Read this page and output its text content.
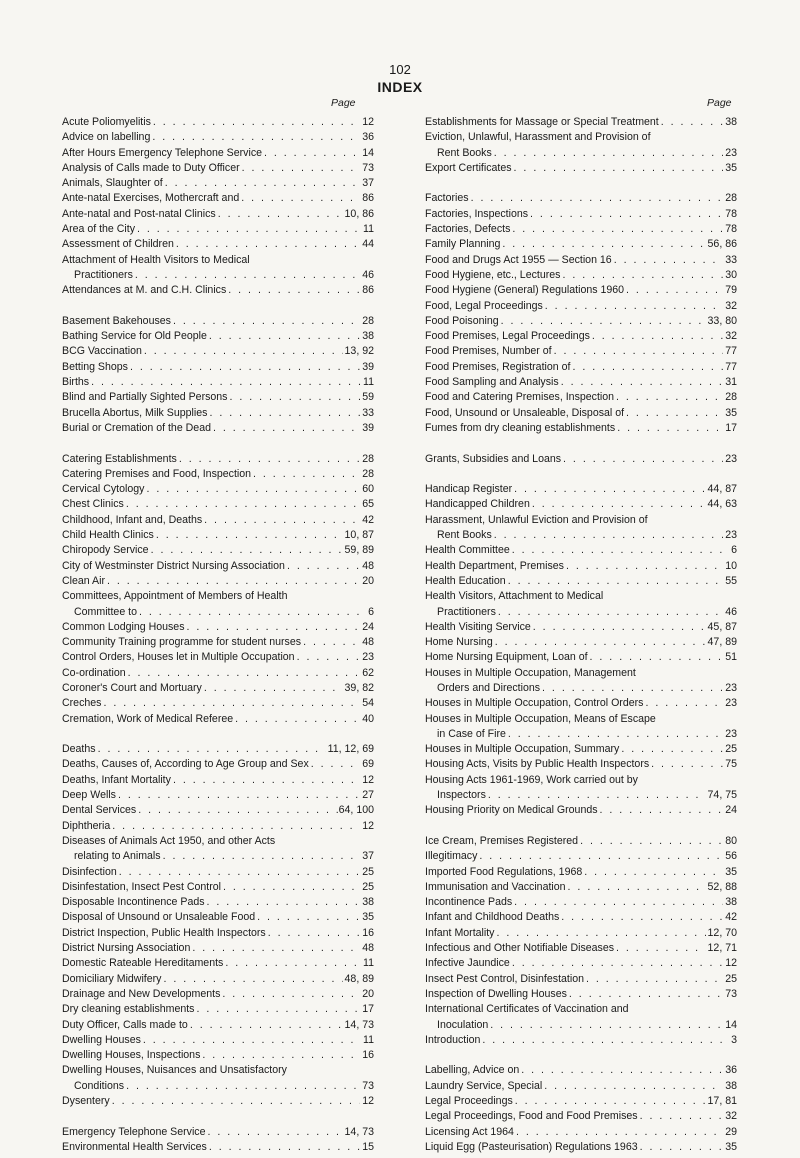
102
INDEX
Page	Page
Acute Poliomyelitis . . .	12
Advice on labelling . . .	36
After Hours Emergency Telephone Service . . .	14
Analysis of Calls made to Duty Officer . . .	73
Animals, Slaughter of . . .	37
Ante-natal Exercises, Mothercraft and . . .	86
Ante-natal and Post-natal Clinics . . .	10, 86
Area of the City . . .	11
Assessment of Children . . .	44
Attachment of Health Visitors to Medical
Practitioners . . .	46
Attendances at M. and C.H. Clinics . . .	86
Basement Bakehouses . . .	28
Bathing Service for Old People . . .	38
BCG Vaccination . . .	13, 92
Betting Shops . . .	39
Births . . .	11
Blind and Partially Sighted Persons . . .	59
Brucella Abortus, Milk Supplies . . .	33
Burial or Cremation of the Dead . . .	39
Catering Establishments . . .	28
Catering Premises and Food, Inspection . . .	28
Cervical Cytology . . .	60
Chest Clinics . . .	65
Childhood, Infant and, Deaths . . .	42
Child Health Clinics . . .	10, 87
Chiropody Service . . .	59, 89
City of Westminster District Nursing Association . . .	48
Clean Air . . .	20
Committees, Appointment of Members of Health
Committee to . . .	6
Common Lodging Houses . . .	24
Community Training programme for student nurses . . .	48
Control Orders, Houses let in Multiple Occupation . . .	23
Co-ordination . . .	62
Coroner's Court and Mortuary . . .	39, 82
Creches . . .	54
Cremation, Work of Medical Referee . . .	40
Deaths . . .	11, 12, 69
Deaths, Causes of, According to Age Group and Sex . . .	69
Deaths, Infant Mortality . . .	12
Deep Wells . . .	27
Dental Services . . .	.64, 100
Diphtheria . . .	12
Diseases of Animals Act 1950, and other Acts
relating to Animals . . .	37
Disinfection . . .	25
Disinfestation, Insect Pest Control . . .	25
Disposable Incontinence Pads . . .	38
Disposal of Unsound or Unsaleable Food . . .	35
District Inspection, Public Health Inspectors . . .	16
District Nursing Association . . .	48
Domestic Rateable Hereditaments . . .	11
Domiciliary Midwifery . . .	48, 89
Drainage and New Developments . . .	20
Dry cleaning establishments . . .	17
Duty Officer, Calls made to . . .	14, 73
Dwelling Houses . . .	11
Dwelling Houses, Inspections . . .	16
Dwelling Houses, Nuisances and Unsatisfactory
Conditions . . .	73
Dysentery . . .	12
Emergency Telephone Service . . .	14, 73
Environmental Health Services . . .	15
Establishments for Massage or Special Treatment . . .	38
Eviction, Unlawful, Harassment and Provision of
Rent Books . . .	23
Export Certificates . . .	35
Factories . . .	28
Factories, Inspections . . .	78
Factories, Defects . . .	78
Family Planning . . .	56, 86
Food and Drugs Act 1955 — Section 16 . . .	33
Food Hygiene, etc., Lectures . . .	30
Food Hygiene (General) Regulations 1960 . . .	79
Food, Legal Proceedings . . .	32
Food Poisoning . . .	33, 80
Food Premises, Legal Proceedings . . .	32
Food Premises, Number of . . .	77
Food Premises, Registration of . . .	77
Food Sampling and Analysis . . .	31
Food and Catering Premises, Inspection . . .	28
Food, Unsound or Unsaleable, Disposal of . . .	35
Fumes from dry cleaning establishments . . .	17
Grants, Subsidies and Loans . . .	23
Handicap Register . . .	44, 87
Handicapped Children . . .	44, 63
Harassment, Unlawful Eviction and Provision of
Rent Books . . .	23
Health Committee . . .	6
Health Department, Premises . . .	10
Health Education . . .	55
Health Visitors, Attachment to Medical
Practitioners . . .	46
Health Visiting Service . . .	45, 87
Home Nursing . . .	47, 89
Home Nursing Equipment, Loan of . . .	51
Houses in Multiple Occupation, Management
Orders and Directions . . .	23
Houses in Multiple Occupation, Control Orders . . .	23
Houses in Multiple Occupation, Means of Escape
in Case of Fire . . .	23
Houses in Multiple Occupation, Summary . . .	25
Housing Acts, Visits by Public Health Inspectors . . .	75
Housing Acts 1961-1969, Work carried out by
Inspectors . . .	74, 75
Housing Priority on Medical Grounds . . .	24
Ice Cream, Premises Registered . . .	80
Illegitimacy . . .	56
Imported Food Regulations, 1968 . . .	35
Immunisation and Vaccination . . .	52, 88
Incontinence Pads . . .	38
Infant and Childhood Deaths . . .	42
Infant Mortality . . .	12, 70
Infectious and Other Notifiable Diseases . . .	12, 71
Infective Jaundice . . .	12
Insect Pest Control, Disinfestation . . .	25
Inspection of Dwelling Houses . . .	73
International Certificates of Vaccination and
Inoculation . . .	14
Introduction . . .	3
Labelling, Advice on . . .	36
Laundry Service, Special . . .	38
Legal Proceedings . . .	17, 81
Legal Proceedings, Food and Food Premises . . .	32
Licensing Act 1964 . . .	29
Liquid Egg (Pasteurisation) Regulations 1963 . . .	35
